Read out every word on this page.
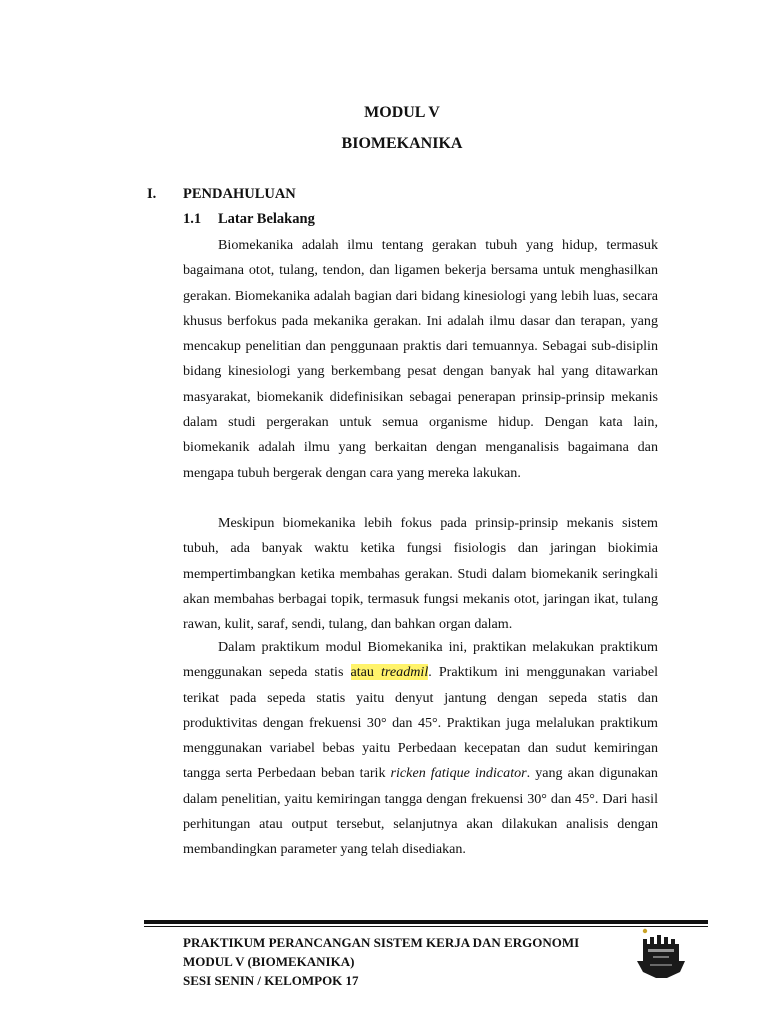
MODUL V
BIOMEKANIKA
I. PENDAHULUAN
1.1 Latar Belakang

Biomekanika adalah ilmu tentang gerakan tubuh yang hidup, termasuk bagaimana otot, tulang, tendon, dan ligamen bekerja bersama untuk menghasilkan gerakan. Biomekanika adalah bagian dari bidang kinesiologi yang lebih luas, secara khusus berfokus pada mekanika gerakan. Ini adalah ilmu dasar dan terapan, yang mencakup penelitian dan penggunaan praktis dari temuannya. Sebagai sub-disiplin bidang kinesiologi yang berkembang pesat dengan banyak hal yang ditawarkan masyarakat, biomekanik didefinisikan sebagai penerapan prinsip-prinsip mekanis dalam studi pergerakan untuk semua organisme hidup. Dengan kata lain, biomekanik adalah ilmu yang berkaitan dengan menganalisis bagaimana dan mengapa tubuh bergerak dengan cara yang mereka lakukan.

Meskipun biomekanika lebih fokus pada prinsip-prinsip mekanis sistem tubuh, ada banyak waktu ketika fungsi fisiologis dan jaringan biokimia mempertimbangkan ketika membahas gerakan. Studi dalam biomekanik seringkali akan membahas berbagai topik, termasuk fungsi mekanis otot, jaringan ikat, tulang rawan, kulit, saraf, sendi, tulang, dan bahkan organ dalam.

Dalam praktikum modul Biomekanika ini, praktikan melakukan praktikum menggunakan sepeda statis atau treadmil. Praktikum ini menggunakan variabel terikat pada sepeda statis yaitu denyut jantung dengan sepeda statis dan produktivitas dengan frekuensi 30° dan 45°. Praktikan juga melalukan praktikum menggunakan variabel bebas yaitu Perbedaan kecepatan dan sudut kemiringan tangga serta Perbedaan beban tarik ricken fatique indicator. yang akan digunakan dalam penelitian, yaitu kemiringan tangga dengan frekuensi 30° dan 45°. Dari hasil perhitungan atau output tersebut, selanjutnya akan dilakukan analisis dengan membandingkan parameter yang telah disediakan.

PRAKTIKUM PERANCANGAN SISTEM KERJA DAN ERGONOMI
MODUL V (BIOMEKANIKA)
SESI SENIN / KELOMPOK 17
